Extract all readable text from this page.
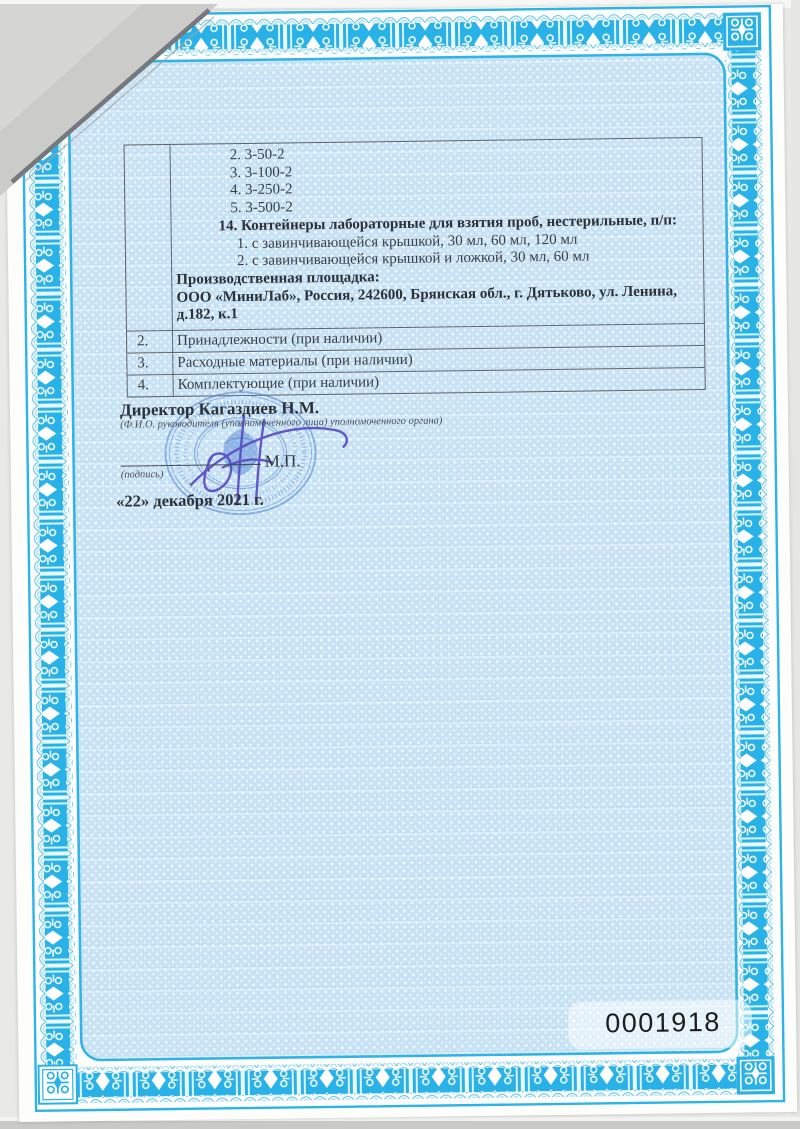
2. 3-50-2
3. 3-100-2
4. 3-250-2
5. 3-500-2
14. Контейнеры лабораторные для взятия проб, нестерильные, п/п:
1. с завинчивающейся крышкой, 30 мл, 60 мл, 120 мл
2. с завинчивающейся крышкой и ложкой, 30 мл, 60 мл
Производственная площадка:
ООО «МиниЛаб», Россия, 242600, Брянская обл., г. Дятьково, ул. Ленина, д.182, к.1
2.	Принадлежности (при наличии)
3.	Расходные материалы (при наличии)
4.	Комплектующие (при наличии)
Директор Кагаздиев Н.М.
(Ф.И.О. руководителя (уполномоченного лица) уполномоченного органа)
М.П.
(подпись)
«22» декабря 2021 г.
0001918
